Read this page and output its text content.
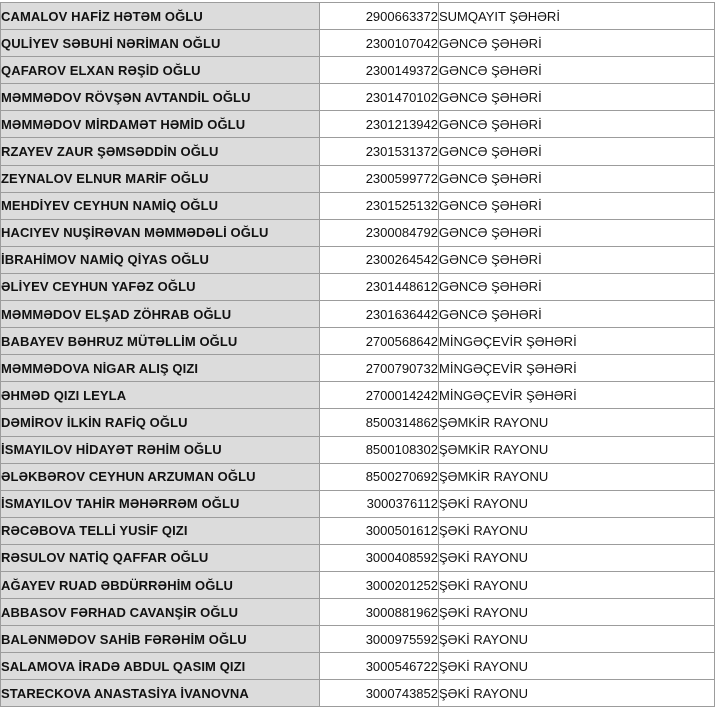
CAMALOV HAFİZ HƏTƏM OĞLU	2900663372	SUMQAYIT ŞƏHƏRİ
QULİYEV SƏBUHİ NƏRİMAN OĞLU	2300107042	GƏNCƏ ŞƏHƏRİ
QAFAROV ELXAN RƏŞİD OĞLU	2300149372	GƏNCƏ ŞƏHƏRİ
MƏMMƏDOV RÖVŞƏN AVTANDİL OĞLU	2301470102	GƏNCƏ ŞƏHƏRİ
MƏMMƏDOV MİRDAMƏT HƏMİD OĞLU	2301213942	GƏNCƏ ŞƏHƏRİ
RZAYEV ZAUR ŞƏMSƏDDİN OĞLU	2301531372	GƏNCƏ ŞƏHƏRİ
ZEYNALOV ELNUR MARİF OĞLU	2300599772	GƏNCƏ ŞƏHƏRİ
MEHDİYEV CEYHUN NAMİQ OĞLU	2301525132	GƏNCƏ ŞƏHƏRİ
HACIYEV NUŞİRƏVAN MƏMMƏDƏLİ OĞLU	2300084792	GƏNCƏ ŞƏHƏRİ
İBRAHİMOV NAMİQ QİYAS OĞLU	2300264542	GƏNCƏ ŞƏHƏRİ
ƏLİYEV CEYHUN YAFƏZ OĞLU	2301448612	GƏNCƏ ŞƏHƏRİ
MƏMMƏDOV ELŞAD ZÖHRAB OĞLU	2301636442	GƏNCƏ ŞƏHƏRİ
BABAYEV BƏHRUZ MÜTƏLLİM OĞLU	2700568642	MİNGƏÇEVİR ŞƏHƏRİ
MƏMMƏDOVA NİGAR ALIŞ QIZI	2700790732	MİNGƏÇEVİR ŞƏHƏRİ
ƏHMƏD QIZI LEYLA	2700014242	MİNGƏÇEVİR ŞƏHƏRİ
DƏMİROV İLKİN RAFİQ OĞLU	8500314862	ŞƏMKİR RAYONU
İSMAYILOV HİDAYƏT RƏHİM OĞLU	8500108302	ŞƏMKİR RAYONU
ƏLƏKBƏROV CEYHUN ARZUMAN OĞLU	8500270692	ŞƏMKİR RAYONU
İSMAYILOV TAHİR MƏHƏRRƏM OĞLU	3000376112	ŞƏKİ RAYONU
RƏCƏBOVA TELLİ YUSİF QIZI	3000501612	ŞƏKİ RAYONU
RƏSULOV NATİQ QAFFAR OĞLU	3000408592	ŞƏKİ RAYONU
AĞAYEV RUAD ƏBDÜRRƏHİM OĞLU	3000201252	ŞƏKİ RAYONU
ABBASOV FƏRHAD CAVANŞİR OĞLU	3000881962	ŞƏKİ RAYONU
BALƏNMƏDOV SAHİB FƏRƏHİM OĞLU	3000975592	ŞƏKİ RAYONU
SALAMOVA İRADƏ ABDUL QASIM QIZI	3000546722	ŞƏKİ RAYONU
STARECKOVA ANASTASİYA İVANOVNA	3000743852	ŞƏKİ RAYONU
